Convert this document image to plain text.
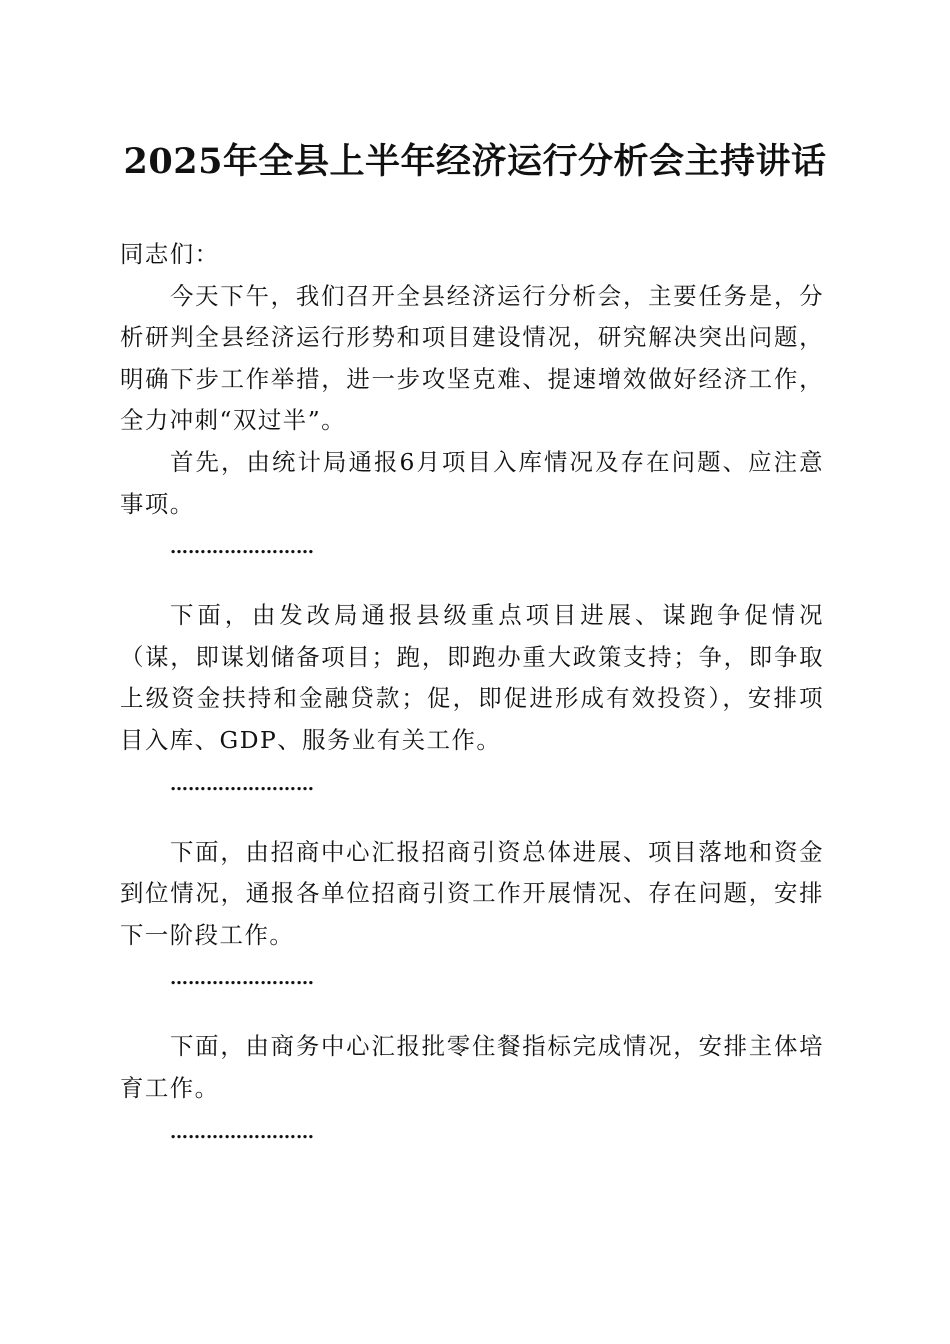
2025年全县上半年经济运行分析会主持讲话

同志们：

今天下午，我们召开全县经济运行分析会，主要任务是，分析研判全县经济运行形势和项目建设情况，研究解决突出问题，明确下步工作举措，进一步攻坚克难、提速增效做好经济工作，全力冲刺“双过半”。

首先，由统计局通报6月项目入库情况及存在问题、应注意事项。

……………………

下面，由发改局通报县级重点项目进展、谋跑争促情况（谋，即谋划储备项目；跑，即跑办重大政策支持；争，即争取上级资金扶持和金融贷款；促，即促进形成有效投资），安排项目入库、GDP、服务业有关工作。

……………………

下面，由招商中心汇报招商引资总体进展、项目落地和资金到位情况，通报各单位招商引资工作开展情况、存在问题，安排下一阶段工作。

……………………

下面，由商务中心汇报批零住餐指标完成情况，安排主体培育工作。

……………………
